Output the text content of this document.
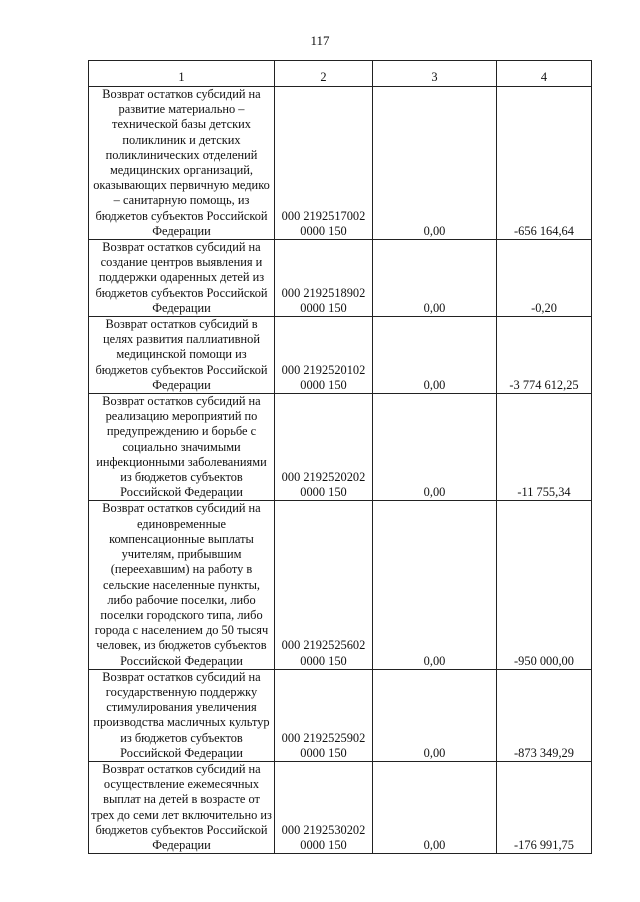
117
1	2	3	4
Возврат остатков субсидий на развитие материально – технической базы детских поликлиник и детских поликлинических отделений медицинских организаций, оказывающих первичную медико – санитарную помощь, из бюджетов субъектов Российской Федерации	000 2192517002 0000 150	0,00	-656 164,64
Возврат остатков субсидий на создание центров выявления и поддержки одаренных детей из бюджетов субъектов Российской Федерации	000 2192518902 0000 150	0,00	-0,20
Возврат остатков субсидий в целях развития паллиативной медицинской помощи из бюджетов субъектов Российской Федерации	000 2192520102 0000 150	0,00	-3 774 612,25
Возврат остатков субсидий на реализацию мероприятий по предупреждению и борьбе с социально значимыми инфекционными заболеваниями из бюджетов субъектов Российской Федерации	000 2192520202 0000 150	0,00	-11 755,34
Возврат остатков субсидий на единовременные компенсационные выплаты учителям, прибывшим (переехавшим) на работу в сельские населенные пункты, либо рабочие поселки, либо поселки городского типа, либо города с населением до 50 тысяч человек, из бюджетов субъектов Российской Федерации	000 2192525602 0000 150	0,00	-950 000,00
Возврат остатков субсидий на государственную поддержку стимулирования увеличения производства масличных культур из бюджетов субъектов Российской Федерации	000 2192525902 0000 150	0,00	-873 349,29
Возврат остатков субсидий на осуществление ежемесячных выплат на детей в возрасте от трех до семи лет включительно из бюджетов субъектов Российской Федерации	000 2192530202 0000 150	0,00	-176 991,75
